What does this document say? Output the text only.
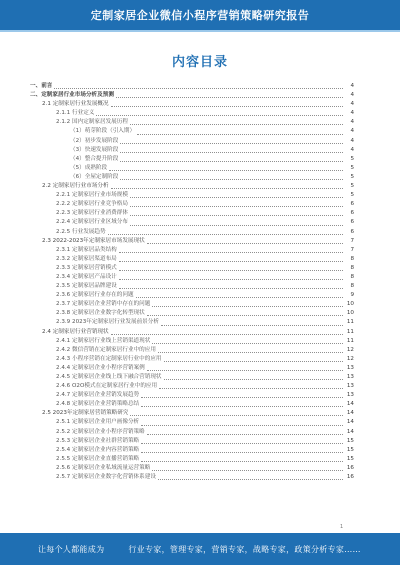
定制家居企业微信小程序营销策略研究报告
内容目录
一、前言	4
二、定制家居行业市场分析及预测	4
2.1 定制家居行业发展概况	4
2.1.1 行业定义	4
2.1.2 国内定制家居发展历程	4
（1）萌芽阶段（引入期）	4
（2）初步发展阶段	4
（3）快速发展阶段	4
（4）整合提升阶段	5
（5）成熟阶段	5
（6）全屋定制阶段	5
2.2 定制家居行业市场分析	5
2.2.1 定制家居行业市场规模	5
2.2.2 定制家居行业竞争格局	6
2.2.3 定制家居行业消费群体	6
2.2.4 定制家居行业区域分布	6
2.2.5 行业发展趋势	6
2.3 2022-2023年定制家居市场发展现状	7
2.3.1 定制家居品类结构	7
2.3.2 定制家居渠道布局	8
2.3.3 定制家居营销模式	8
2.3.4 定制家居产品设计	8
2.3.5 定制家居品牌建设	8
2.3.6 定制家居行业存在的问题	9
2.3.7 定制家居企业营销中存在的问题	10
2.3.8 定制家居企业数字化转型现状	10
2.3.9 2023年定制家居行业发展前景分析	11
2.4 定制家居行业营销现状	11
2.4.1 定制家居行业线上营销渠道现状	11
2.4.2 微信营销在定制家居行业中的应用	12
2.4.3 小程序营销在定制家居行业中的应用	12
2.4.4 定制家居企业小程序营销案例	13
2.4.5 定制家居企业线上线下融合营销现状	13
2.4.6 O2O模式在定制家居行业中的应用	13
2.4.7 定制家居企业营销发展趋势	13
2.4.8 定制家居企业营销策略总结	14
2.5 2023年定制家居营销策略研究	14
2.5.1 定制家居企业用户画像分析	14
2.5.2 定制家居企业小程序营销策略	14
2.5.3 定制家居企业社群营销策略	15
2.5.4 定制家居企业内容营销策略	15
2.5.5 定制家居企业直播营销策略	15
2.5.6 定制家居企业私域流量运营策略	16
2.5.7 定制家居企业数字化营销体系建设	16
让每个人都能成为	行业专家，管理专家，营销专家，战略专家，政策分析专家……
1
